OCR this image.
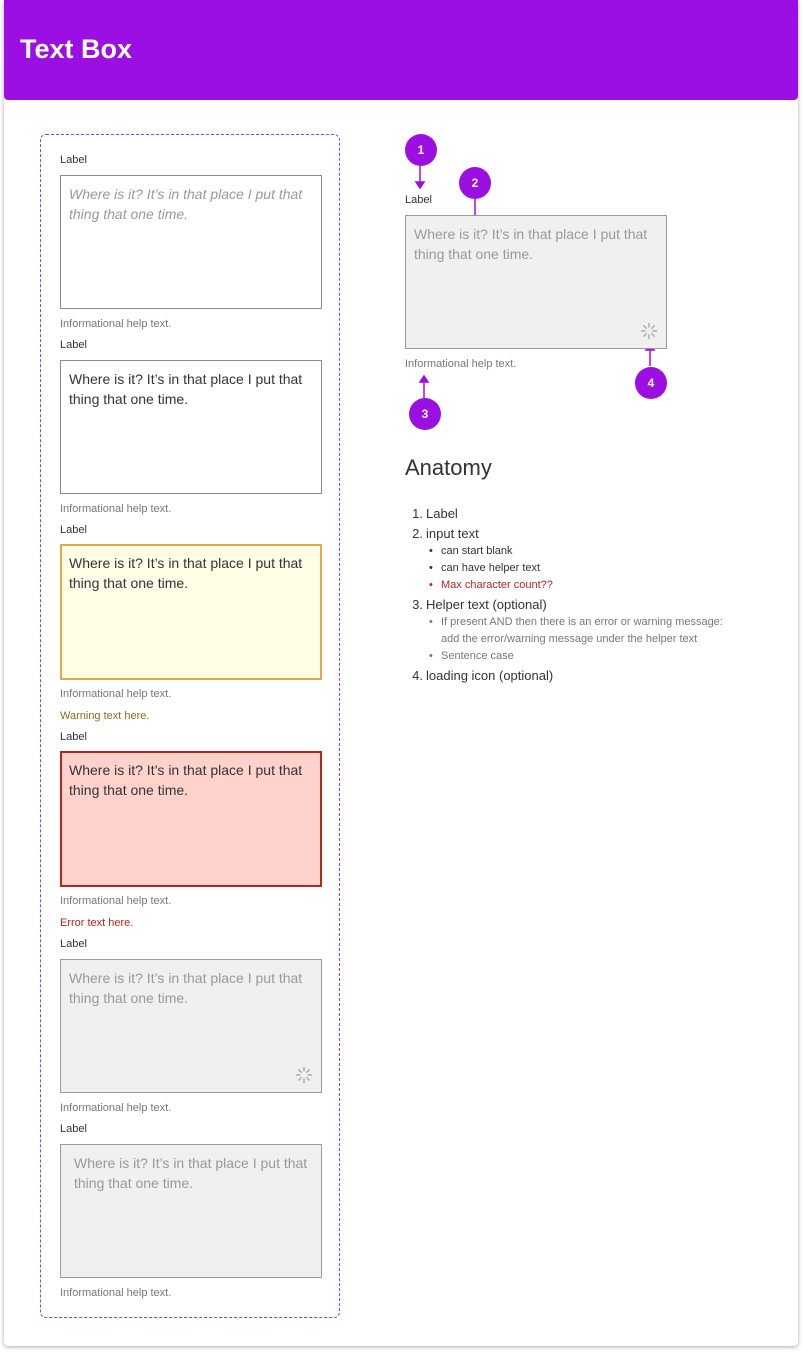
Text Box
Label
Where is it? It’s in that place I put that thing that one time.
Informational help text.
Label
Where is it? It’s in that place I put that thing that one time.
Informational help text.
Label
Where is it? It’s in that place I put that thing that one time.
Informational help text.
Warning text here.
Label
Where is it? It’s in that place I put that thing that one time.
Informational help text.
Error text here.
Label
Where is it? It’s in that place I put that thing that one time.
Informational help text.
Label
Where is it? It’s in that place I put that thing that one time.
Informational help text.
1
2
3
4
Label
Where is it? It’s in that place I put that thing that one time.
Informational help text.
Anatomy
1. Label
2. input text
• can start blank
• can have helper text
• Max character count??
3. Helper text (optional)
• If present AND then there is an error or warning message:
add the error/warning message under the helper text
• Sentence case
4. loading icon (optional)
